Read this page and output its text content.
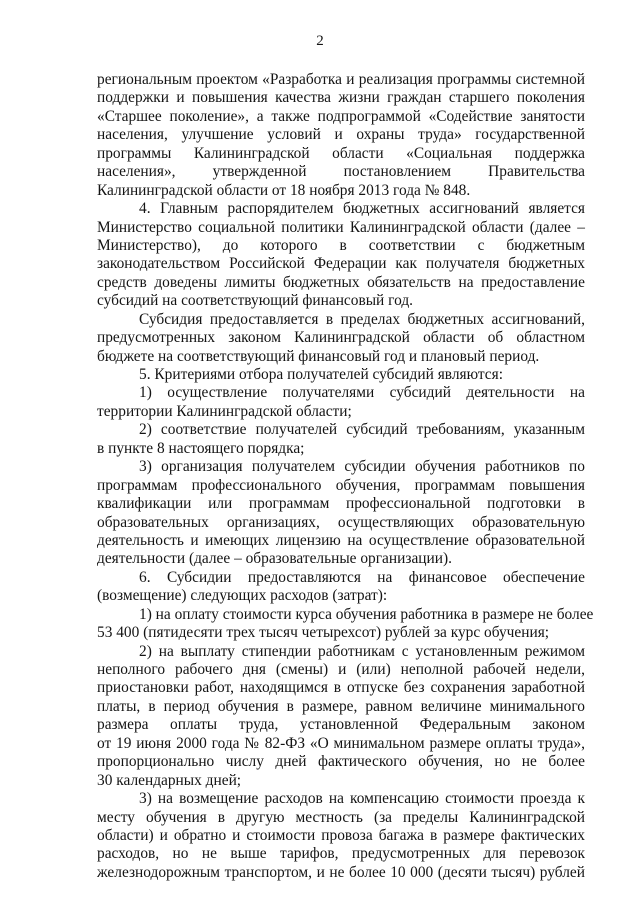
2
региональным проектом «Разработка и реализация программы системной
поддержки и повышения качества жизни граждан старшего поколения
«Старшее поколение», а также подпрограммой «Содействие занятости
населения, улучшение условий и охраны труда» государственной
программы Калининградской области «Социальная поддержка
населения», утвержденной постановлением Правительства
Калининградской области от 18 ноября 2013 года № 848.
4. Главным распорядителем бюджетных ассигнований является
Министерство социальной политики Калининградской области (далее –
Министерство), до которого в соответствии с бюджетным
законодательством Российской Федерации как получателя бюджетных
средств доведены лимиты бюджетных обязательств на предоставление
субсидий на соответствующий финансовый год.
Субсидия предоставляется в пределах бюджетных ассигнований,
предусмотренных законом Калининградской области об областном
бюджете на соответствующий финансовый год и плановый период.
5. Критериями отбора получателей субсидий являются:
1) осуществление получателями субсидий деятельности на
территории Калининградской области;
2) соответствие получателей субсидий требованиям, указанным
в пункте 8 настоящего порядка;
3) организация получателем субсидии обучения работников по
программам профессионального обучения, программам повышения
квалификации или программам профессиональной подготовки в
образовательных организациях, осуществляющих образовательную
деятельность и имеющих лицензию на осуществление образовательной
деятельности (далее – образовательные организации).
6. Субсидии предоставляются на финансовое обеспечение
(возмещение) следующих расходов (затрат):
1) на оплату стоимости курса обучения работника в размере не более
53 400 (пятидесяти трех тысяч четырехсот) рублей за курс обучения;
2) на выплату стипендии работникам с установленным режимом
неполного рабочего дня (смены) и (или) неполной рабочей недели,
приостановки работ, находящимся в отпуске без сохранения заработной
платы, в период обучения в размере, равном величине минимального
размера оплаты труда, установленной Федеральным законом
от 19 июня 2000 года № 82-ФЗ «О минимальном размере оплаты труда»,
пропорционально числу дней фактического обучения, но не более
30 календарных дней;
3) на возмещение расходов на компенсацию стоимости проезда к
месту обучения в другую местность (за пределы Калининградской
области) и обратно и стоимости провоза багажа в размере фактических
расходов, но не выше тарифов, предусмотренных для перевозок
железнодорожным транспортом, и не более 10 000 (десяти тысяч) рублей
